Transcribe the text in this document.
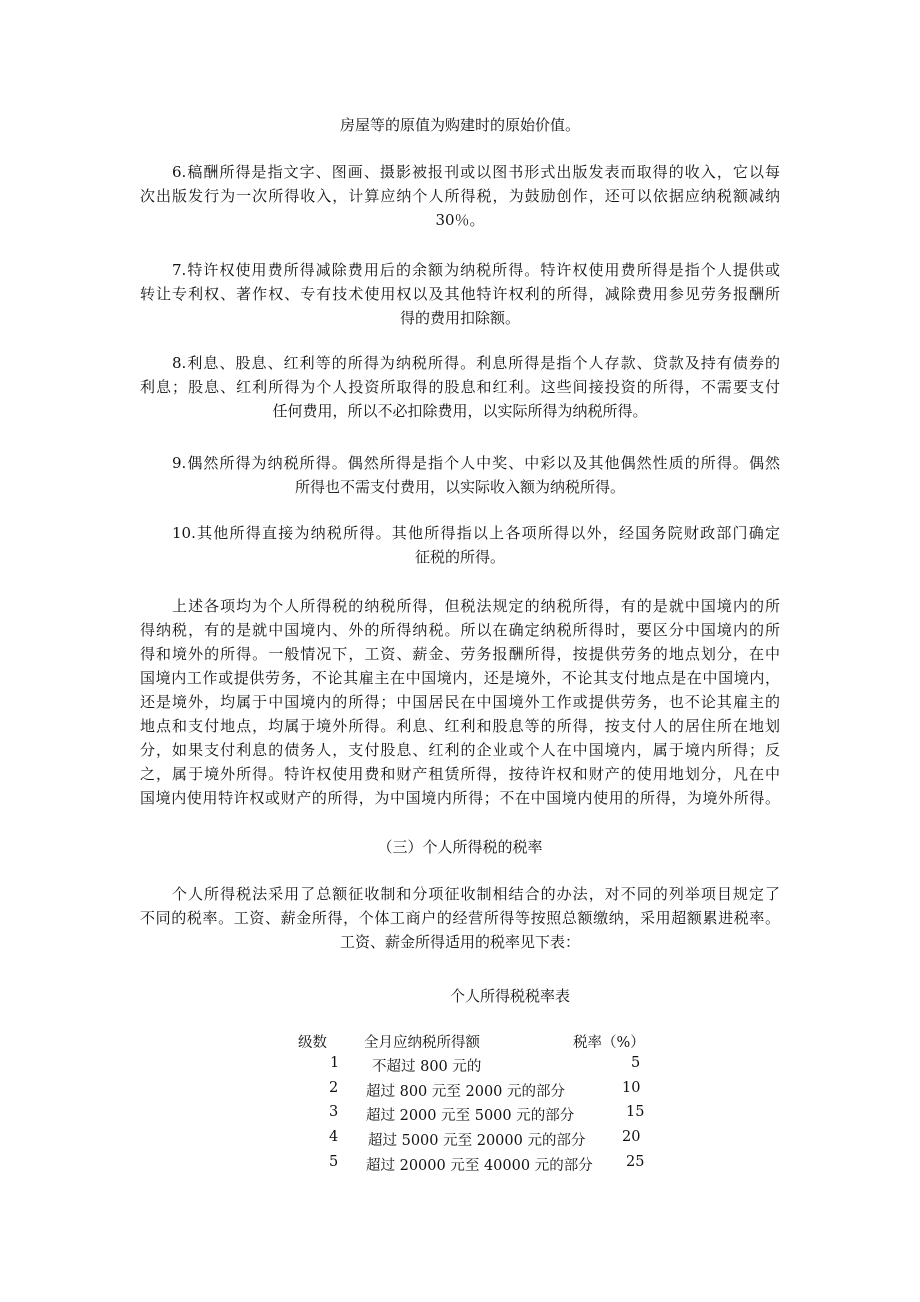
房屋等的原值为购建时的原始价值。
6.稿酬所得是指文字、图画、摄影被报刊或以图书形式出版发表而取得的收入，它以每
次出版发行为一次所得收入，计算应纳个人所得税，为鼓励创作，还可以依据应纳税额减纳
30％。
7.特许权使用费所得减除费用后的余额为纳税所得。特许权使用费所得是指个人提供或
转让专利权、著作权、专有技术使用权以及其他特许权利的所得，减除费用参见劳务报酬所
得的费用扣除额。
8.利息、股息、红利等的所得为纳税所得。利息所得是指个人存款、贷款及持有债券的
利息；股息、红利所得为个人投资所取得的股息和红利。这些间接投资的所得，不需要支付
任何费用，所以不必扣除费用，以实际所得为纳税所得。
9.偶然所得为纳税所得。偶然所得是指个人中奖、中彩以及其他偶然性质的所得。偶然
所得也不需支付费用，以实际收入额为纳税所得。
10.其他所得直接为纳税所得。其他所得指以上各项所得以外，经国务院财政部门确定
征税的所得。
上述各项均为个人所得税的纳税所得，但税法规定的纳税所得，有的是就中国境内的所
得纳税，有的是就中国境内、外的所得纳税。所以在确定纳税所得时，要区分中国境内的所
得和境外的所得。一般情况下，工资、薪金、劳务报酬所得，按提供劳务的地点划分，在中
国境内工作或提供劳务，不论其雇主在中国境内，还是境外，不论其支付地点是在中国境内，
还是境外，均属于中国境内的所得；中国居民在中国境外工作或提供劳务，也不论其雇主的
地点和支付地点，均属于境外所得。利息、红利和股息等的所得，按支付人的居住所在地划
分，如果支付利息的债务人，支付股息、红利的企业或个人在中国境内，属于境内所得；反
之，属于境外所得。特许权使用费和财产租赁所得，按待许权和财产的使用地划分，凡在中
国境内使用特许权或财产的所得，为中国境内所得；不在中国境内使用的所得，为境外所得。
（三）个人所得税的税率
个人所得税法采用了总额征收制和分项征收制相结合的办法，对不同的列举项目规定了
不同的税率。工资、薪金所得，个体工商户的经营所得等按照总额缴纳，采用超额累进税率。
工资、薪金所得适用的税率见下表：
个人所得税税率表
级数	全月应纳税所得额	税率（%）
1 不超过 800 元的	5
2 超过 800 元至 2000 元的部分	10
3 超过 2000 元至 5000 元的部分	15
4 超过 5000 元至 20000 元的部分	20
5 超过 20000 元至 40000 元的部分 25
